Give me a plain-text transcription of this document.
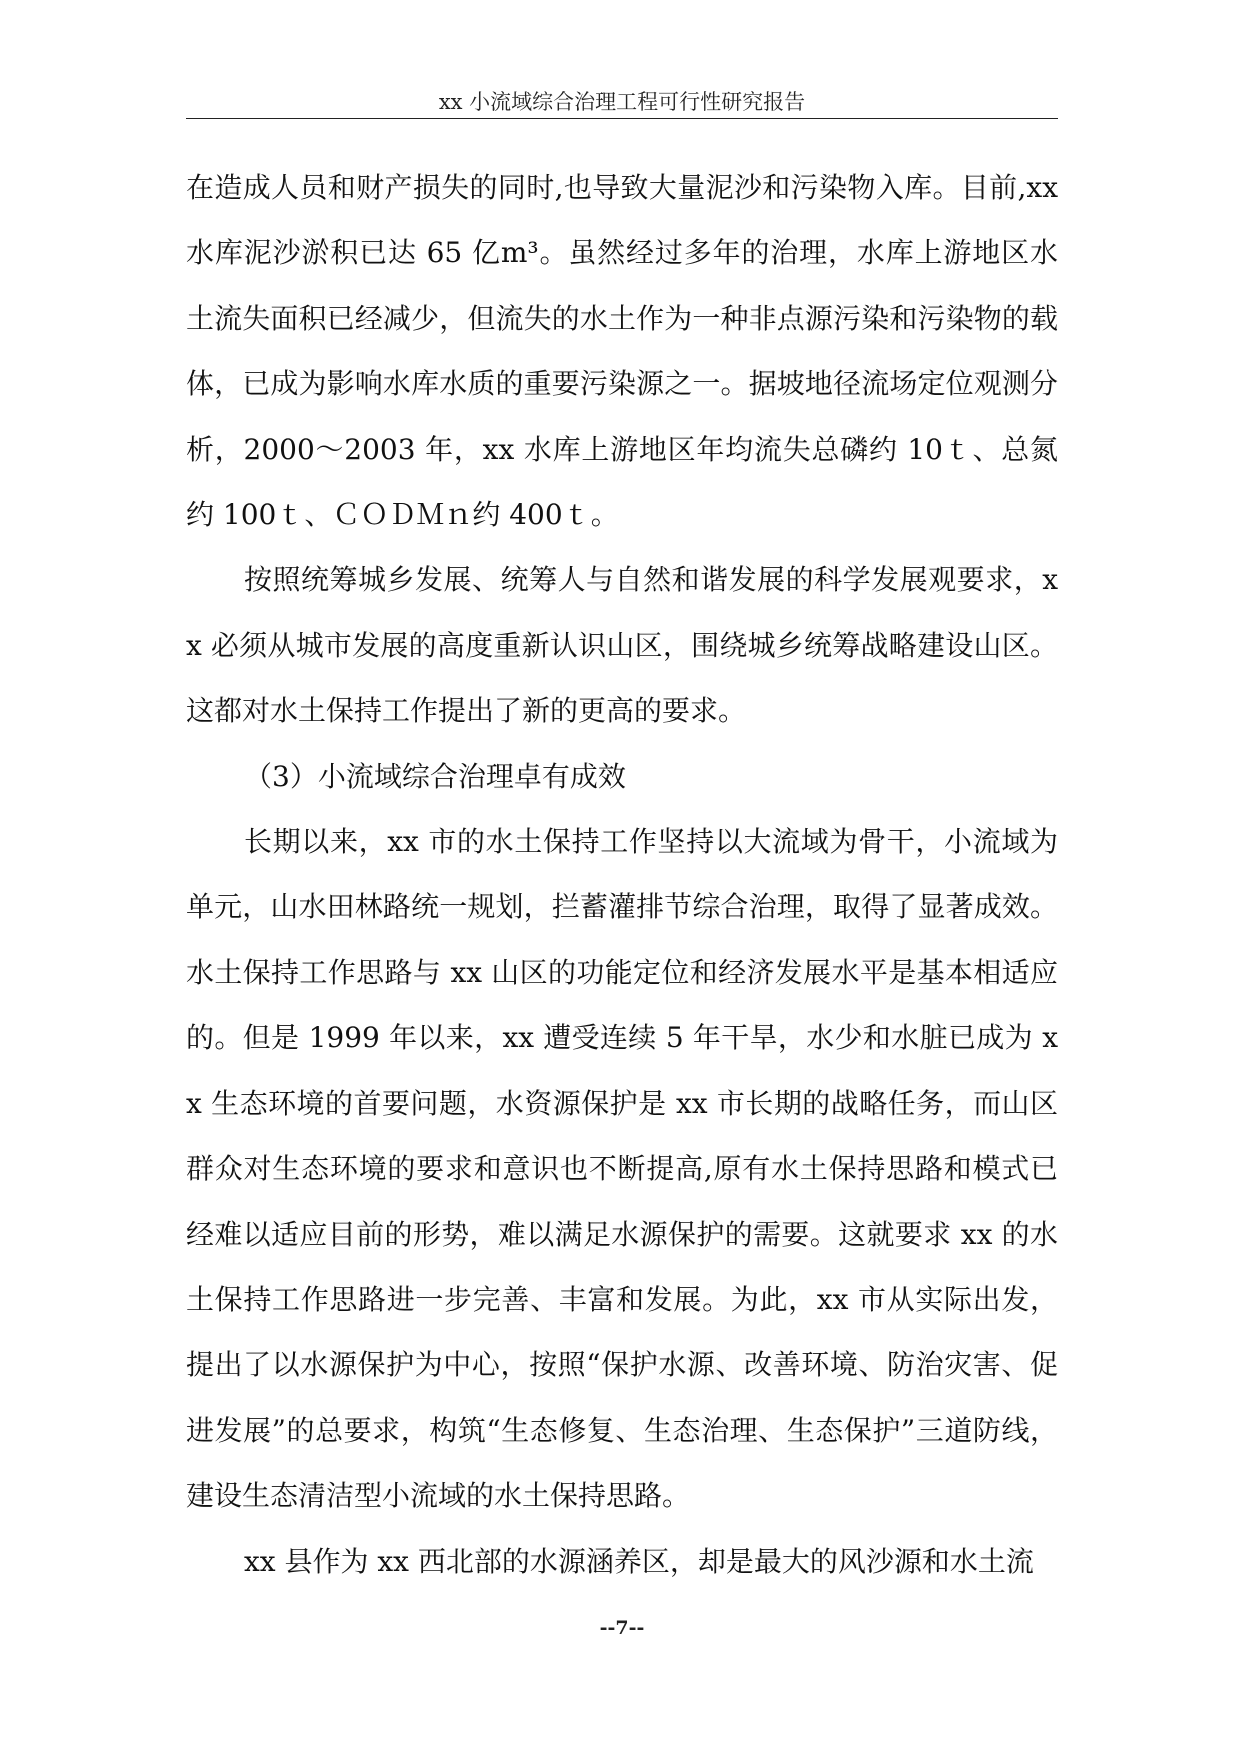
xx 小流域综合治理工程可行性研究报告

在造成人员和财产损失的同时,也导致大量泥沙和污染物入库。目前,xx 水库泥沙淤积已达 65 亿m³。虽然经过多年的治理，水库上游地区水土流失面积已经减少，但流失的水土作为一种非点源污染和污染物的载体，已成为影响水库水质的重要污染源之一。据坡地径流场定位观测分析，2000～2003 年，xx 水库上游地区年均流失总磷约 10ｔ、总氮约 100ｔ、ＣＯＤＭｎ约 400ｔ。

按照统筹城乡发展、统筹人与自然和谐发展的科学发展观要求，xx 必须从城市发展的高度重新认识山区，围绕城乡统筹战略建设山区。这都对水土保持工作提出了新的更高的要求。

（3）小流域综合治理卓有成效

长期以来，xx 市的水土保持工作坚持以大流域为骨干，小流域为单元，山水田林路统一规划，拦蓄灌排节综合治理，取得了显著成效。水土保持工作思路与 xx 山区的功能定位和经济发展水平是基本相适应的。但是 1999 年以来，xx 遭受连续 5 年干旱，水少和水脏已成为 xx 生态环境的首要问题，水资源保护是 xx 市长期的战略任务，而山区群众对生态环境的要求和意识也不断提高,原有水土保持思路和模式已经难以适应目前的形势，难以满足水源保护的需要。这就要求 xx 的水土保持工作思路进一步完善、丰富和发展。为此，xx 市从实际出发，提出了以水源保护为中心，按照“保护水源、改善环境、防治灾害、促进发展”的总要求，构筑“生态修复、生态治理、生态保护”三道防线，建设生态清洁型小流域的水土保持思路。

xx 县作为 xx 西北部的水源涵养区，却是最大的风沙源和水土流

--7--
